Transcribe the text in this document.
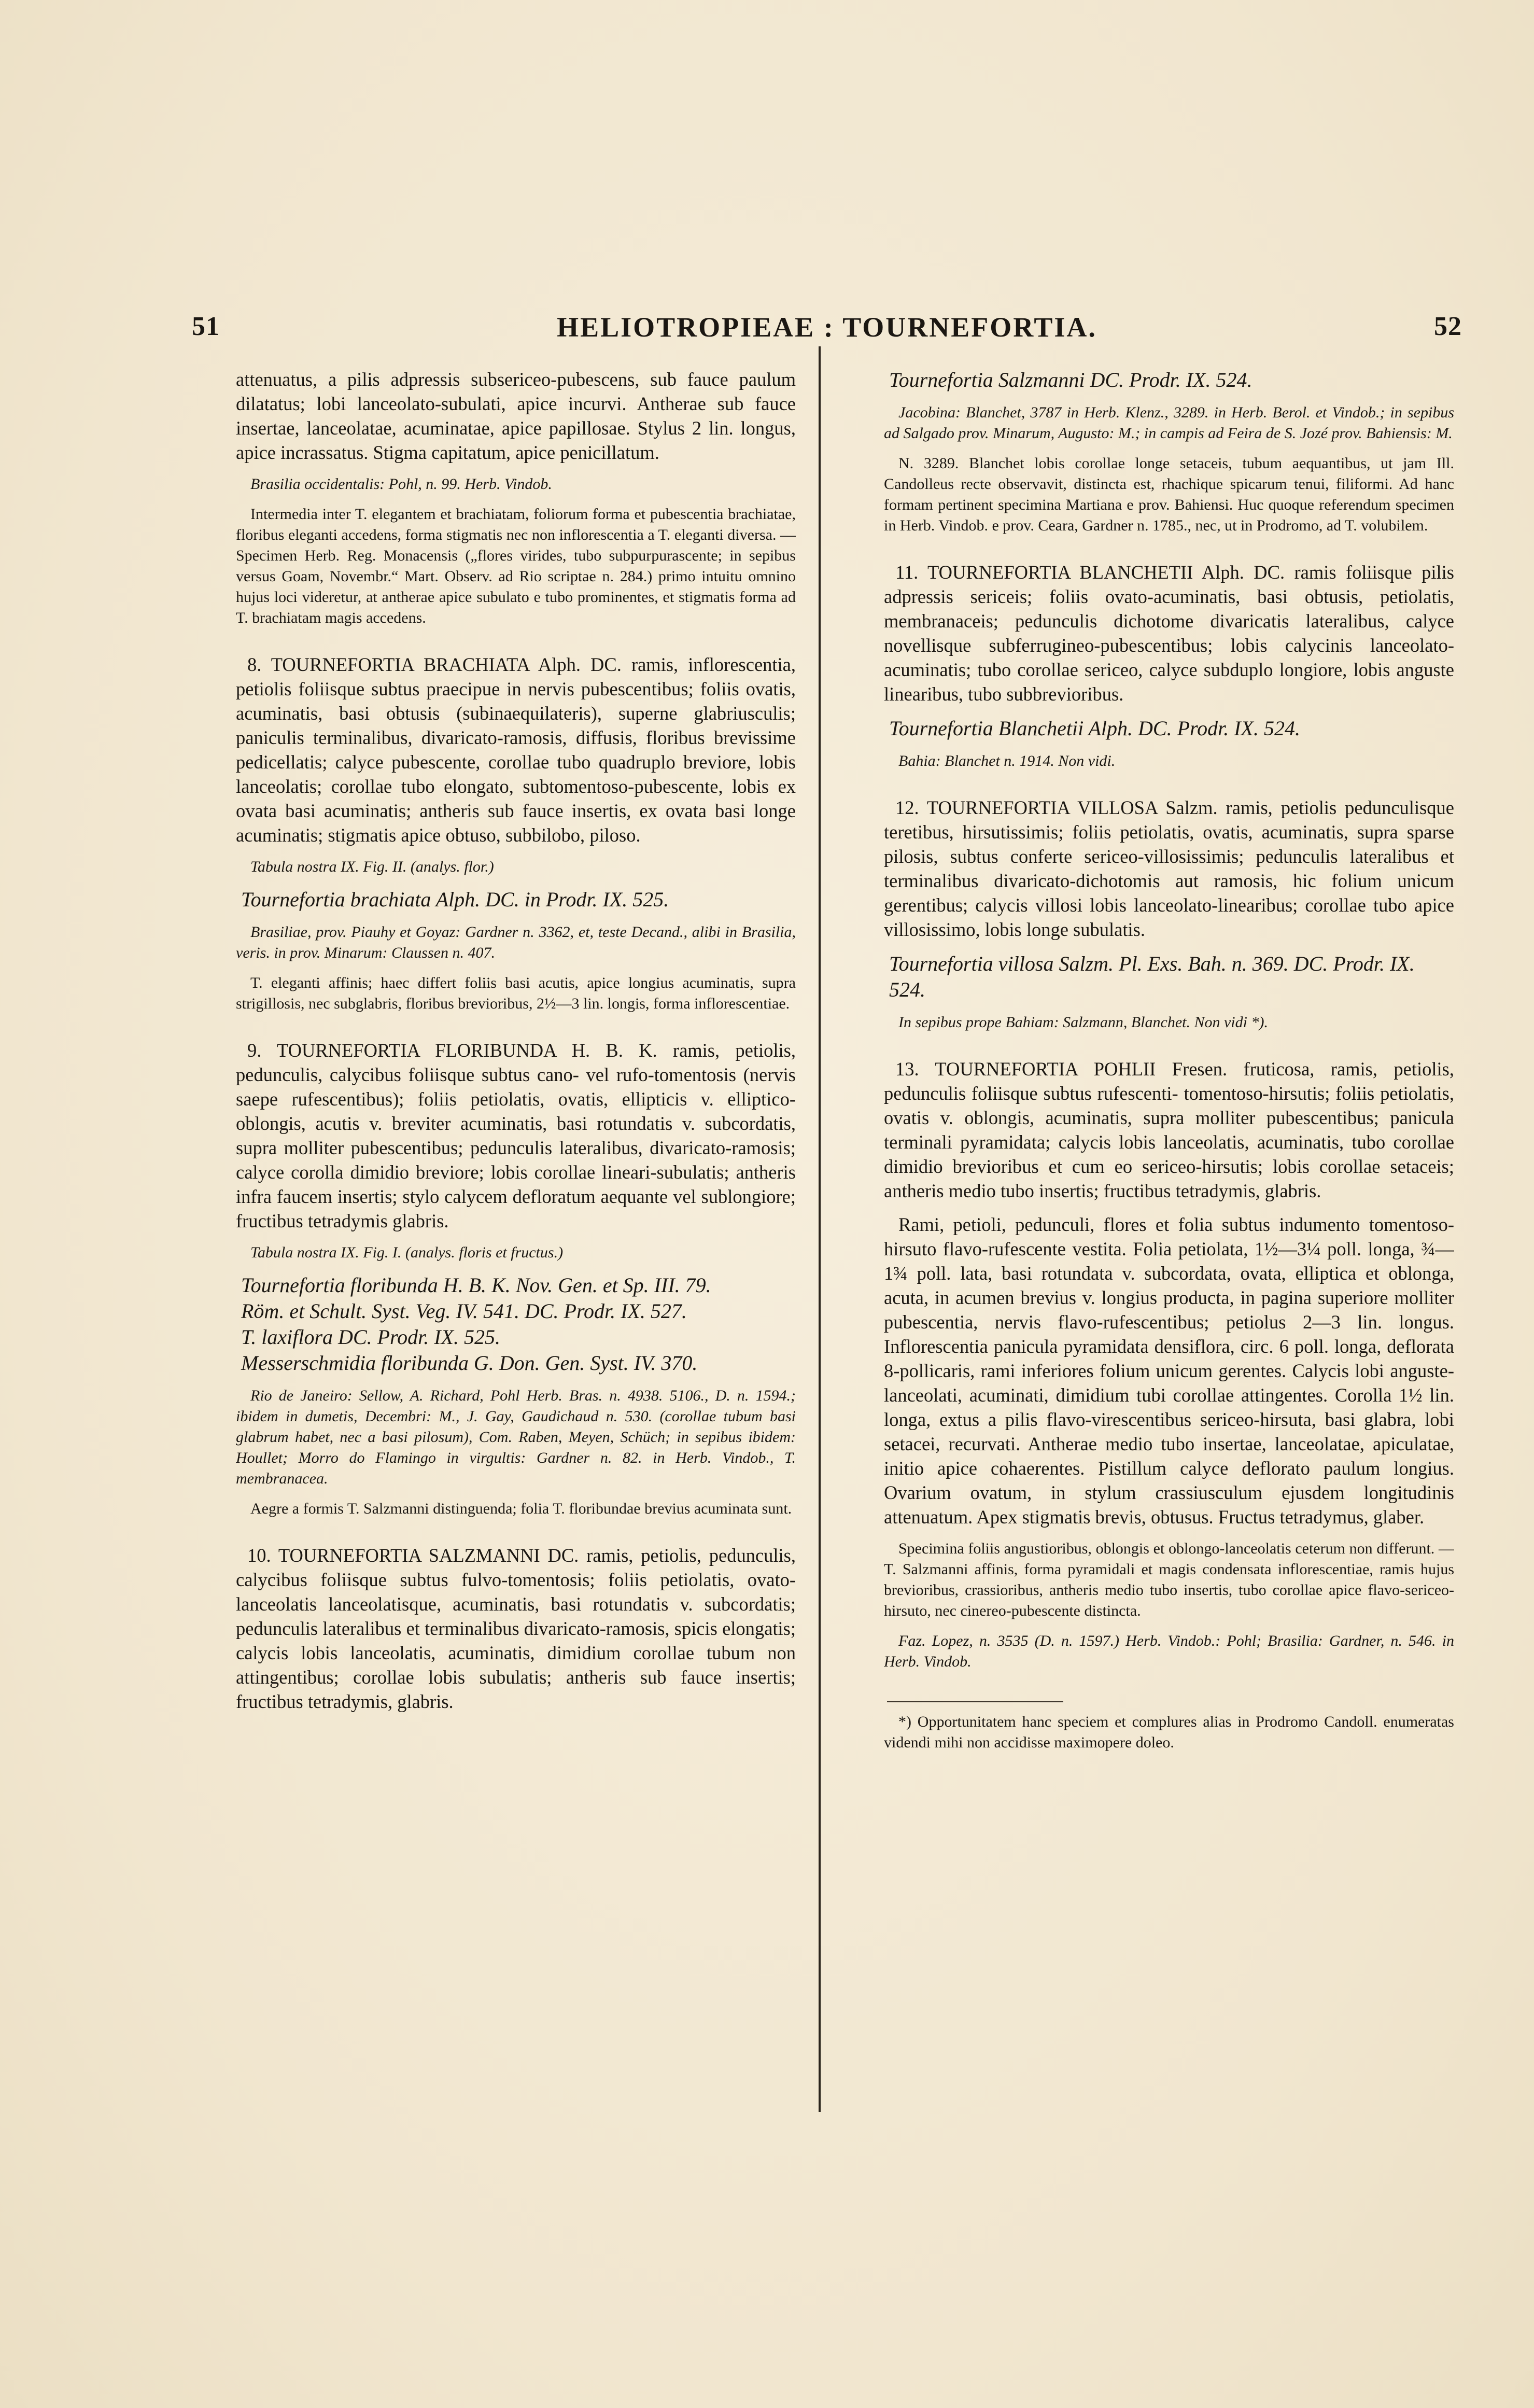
51	HELIOTROPIEAE : TOURNEFORTIA.	52

attenuatus, a pilis adpressis subsericeo-pubescens, sub fauce paulum dilatatus; lobi lanceolato-subulati, apice incurvi. Antherae sub fauce insertae, lanceolatae, acuminatae, apice papillosae. Stylus 2 lin. longus, apice incrassatus. Stigma capitatum, apice penicillatum.

Brasilia occidentalis: Pohl, n. 99. Herb. Vindob.

Intermedia inter T. elegantem et brachiatam, foliorum forma et pubescentia brachiatae, floribus eleganti accedens, forma stigmatis nec non inflorescentia a T. eleganti diversa. — Specimen Herb. Reg. Monacensis („flores virides, tubo subpurpurascente; in sepibus versus Goam, Novembr.“ Mart. Observ. ad Rio scriptae n. 284.) primo intuitu omnino hujus loci videretur, at antherae apice subulato e tubo prominentes, et stigmatis forma ad T. brachiatam magis accedens.

8. TOURNEFORTIA BRACHIATA Alph. DC. ramis, inflorescentia, petiolis foliisque subtus praecipue in nervis pubescentibus; foliis ovatis, acuminatis, basi obtusis (subinaequilateris), superne glabriusculis; paniculis terminalibus, divaricato-ramosis, diffusis, floribus brevissime pedicellatis; calyce pubescente, corollae tubo quadruplo breviore, lobis lanceolatis; corollae tubo elongato, subtomentoso-pubescente, lobis ex ovata basi acuminatis; antheris sub fauce insertis, ex ovata basi longe acuminatis; stigmatis apice obtuso, subbilobo, piloso.

Tabula nostra IX. Fig. II. (analys. flor.)

Tournefortia brachiata Alph. DC. in Prodr. IX. 525.

Brasiliae, prov. Piauhy et Goyaz: Gardner n. 3362, et, teste Decand., alibi in Brasilia, veris. in prov. Minarum: Claussen n. 407.

T. eleganti affinis; haec differt foliis basi acutis, apice longius acuminatis, supra strigillosis, nec subglabris, floribus brevioribus, 2½—3 lin. longis, forma inflorescentiae.

9. TOURNEFORTIA FLORIBUNDA H. B. K. ramis, petiolis, pedunculis, calycibus foliisque subtus cano- vel rufo-tomentosis (nervis saepe rufescentibus); foliis petiolatis, ovatis, ellipticis v. elliptico-oblongis, acutis v. breviter acuminatis, basi rotundatis v. subcordatis, supra molliter pubescentibus; pedunculis lateralibus, divaricato-ramosis; calyce corolla dimidio breviore; lobis corollae lineari-subulatis; antheris infra faucem insertis; stylo calycem defloratum aequante vel sublongiore; fructibus tetradymis glabris.

Tabula nostra IX. Fig. I. (analys. floris et fructus.)

Tournefortia floribunda H. B. K. Nov. Gen. et Sp. III. 79.

Röm. et Schult. Syst. Veg. IV. 541. DC. Prodr. IX. 527.

T. laxiflora DC. Prodr. IX. 525.

Messerschmidia floribunda G. Don. Gen. Syst. IV. 370.

Rio de Janeiro: Sellow, A. Richard, Pohl Herb. Bras. n. 4938. 5106., D. n. 1594.; ibidem in dumetis, Decembri: M., J. Gay, Gaudichaud n. 530. (corollae tubum basi glabrum habet, nec a basi pilosum), Com. Raben, Meyen, Schüch; in sepibus ibidem: Houllet; Morro do Flamingo in virgultis: Gardner n. 82. in Herb. Vindob., T. membranacea.

Aegre a formis T. Salzmanni distinguenda; folia T. floribundae brevius acuminata sunt.

10. TOURNEFORTIA SALZMANNI DC. ramis, petiolis, pedunculis, calycibus foliisque subtus fulvo-tomentosis; foliis petiolatis, ovato-lanceolatis lanceolatisque, acuminatis, basi rotundatis v. subcordatis; pedunculis lateralibus et terminalibus divaricato-ramosis, spicis elongatis; calycis lobis lanceolatis, acuminatis, dimidium corollae tubum non attingentibus; corollae lobis subulatis; antheris sub fauce insertis; fructibus tetradymis, glabris.

Tournefortia Salzmanni DC. Prodr. IX. 524.

Jacobina: Blanchet, 3787 in Herb. Klenz., 3289. in Herb. Berol. et Vindob.; in sepibus ad Salgado prov. Minarum, Augusto: M.; in campis ad Feira de S. Jozé prov. Bahiensis: M.

N. 3289. Blanchet lobis corollae longe setaceis, tubum aequantibus, ut jam Ill. Candolleus recte observavit, distincta est, rhachique spicarum tenui, filiformi. Ad hanc formam pertinent specimina Martiana e prov. Bahiensi. Huc quoque referendum specimen in Herb. Vindob. e prov. Ceara, Gardner n. 1785., nec, ut in Prodromo, ad T. volubilem.

11. TOURNEFORTIA BLANCHETII Alph. DC. ramis foliisque pilis adpressis sericeis; foliis ovato-acuminatis, basi obtusis, petiolatis, membranaceis; pedunculis dichotome divaricatis lateralibus, calyce novellisque subferrugineo-pubescentibus; lobis calycinis lanceolato-acuminatis; tubo corollae sericeo, calyce subduplo longiore, lobis anguste linearibus, tubo subbrevioribus.

Tournefortia Blanchetii Alph. DC. Prodr. IX. 524.

Bahia: Blanchet n. 1914. Non vidi.

12. TOURNEFORTIA VILLOSA Salzm. ramis, petiolis pedunculisque teretibus, hirsutissimis; foliis petiolatis, ovatis, acuminatis, supra sparse pilosis, subtus conferte sericeo-villosissimis; pedunculis lateralibus et terminalibus divaricato-dichotomis aut ramosis, hic folium unicum gerentibus; calycis villosi lobis lanceolato-linearibus; corollae tubo apice villosissimo, lobis longe subulatis.

Tournefortia villosa Salzm. Pl. Exs. Bah. n. 369. DC. Prodr. IX. 524.

In sepibus prope Bahiam: Salzmann, Blanchet. Non vidi *).

13. TOURNEFORTIA POHLII Fresen. fruticosa, ramis, petiolis, pedunculis foliisque subtus rufescenti- tomentoso-hirsutis; foliis petiolatis, ovatis v. oblongis, acuminatis, supra molliter pubescentibus; panicula terminali pyramidata; calycis lobis lanceolatis, acuminatis, tubo corollae dimidio brevioribus et cum eo sericeo-hirsutis; lobis corollae setaceis; antheris medio tubo insertis; fructibus tetradymis, glabris.

Rami, petioli, pedunculi, flores et folia subtus indumento tomentoso-hirsuto flavo-rufescente vestita. Folia petiolata, 1½—3¼ poll. longa, ¾—1¾ poll. lata, basi rotundata v. subcordata, ovata, elliptica et oblonga, acuta, in acumen brevius v. longius producta, in pagina superiore molliter pubescentia, nervis flavo-rufescentibus; petiolus 2—3 lin. longus. Inflorescentia panicula pyramidata densiflora, circ. 6 poll. longa, deflorata 8-pollicaris, rami inferiores folium unicum gerentes. Calycis lobi anguste-lanceolati, acuminati, dimidium tubi corollae attingentes. Corolla 1½ lin. longa, extus a pilis flavo-virescentibus sericeo-hirsuta, basi glabra, lobi setacei, recurvati. Antherae medio tubo insertae, lanceolatae, apiculatae, initio apice cohaerentes. Pistillum calyce deflorato paulum longius. Ovarium ovatum, in stylum crassiusculum ejusdem longitudinis attenuatum. Apex stigmatis brevis, obtusus. Fructus tetradymus, glaber.

Specimina foliis angustioribus, oblongis et oblongo-lanceolatis ceterum non differunt. — T. Salzmanni affinis, forma pyramidali et magis condensata inflorescentiae, ramis hujus brevioribus, crassioribus, antheris medio tubo insertis, tubo corollae apice flavo-sericeo-hirsuto, nec cinereo-pubescente distincta.

Faz. Lopez, n. 3535 (D. n. 1597.) Herb. Vindob.: Pohl; Brasilia: Gardner, n. 546. in Herb. Vindob.

*) Opportunitatem hanc speciem et complures alias in Prodromo Candoll. enumeratas videndi mihi non accidisse maximopere doleo.
